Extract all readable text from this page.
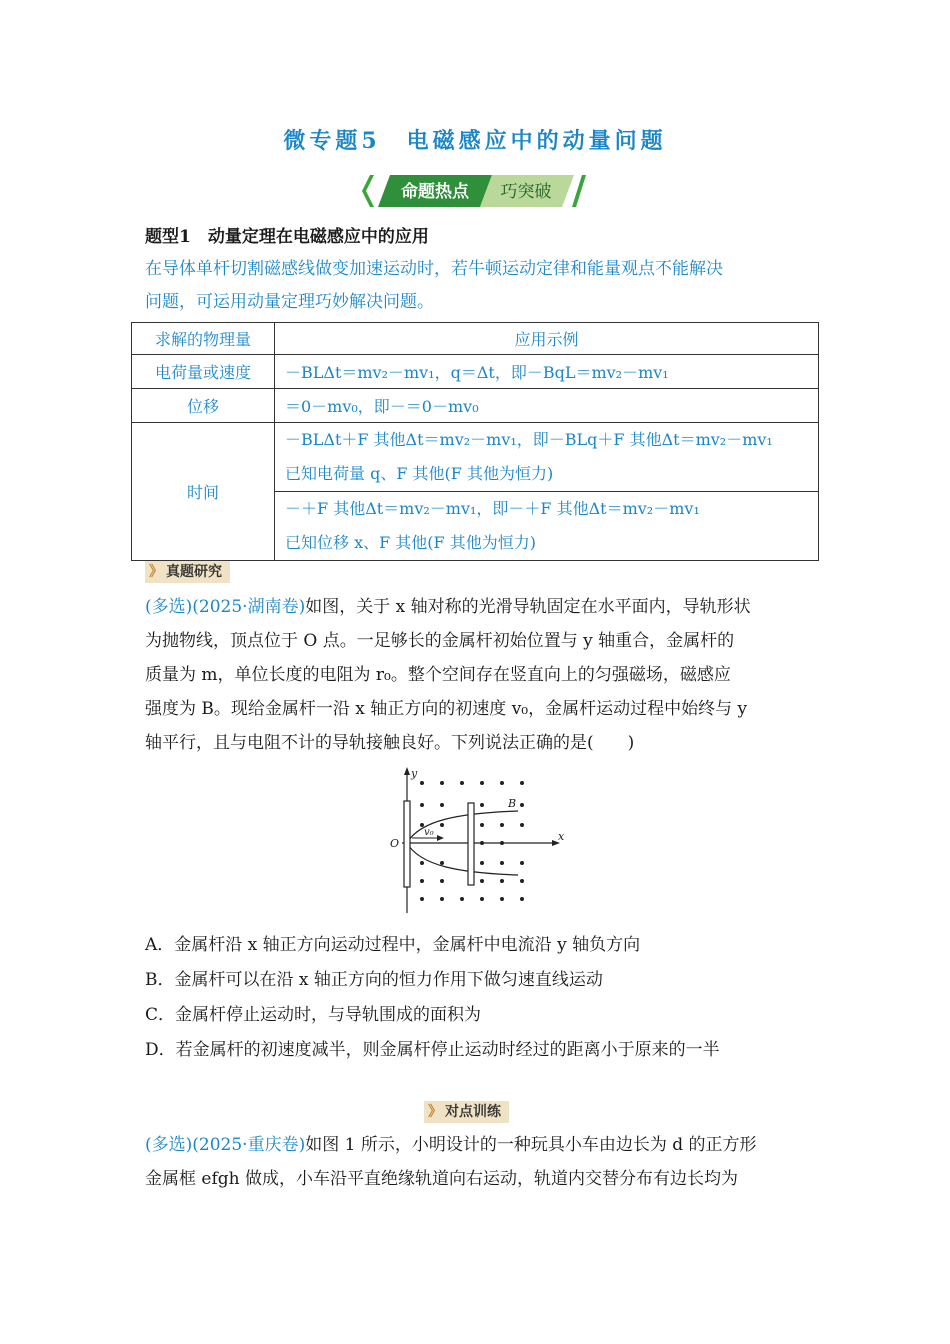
微专题5　电磁感应中的动量问题
命题热点 巧突破
题型1　动量定理在电磁感应中的应用
在导体单杆切割磁感线做变加速运动时，若牛顿运动定律和能量观点不能解决
问题，可运用动量定理巧妙解决问题。
求解的物理量	应用示例
电荷量或速度	－BLΔt＝mv₂－mv₁，q＝Δt，即－BqL＝mv₂－mv₁
位移	＝0－mv₀，即－＝0－mv₀
时间	－BLΔt＋F 其他Δt＝mv₂－mv₁，即－BLq＋F 其他Δt＝mv₂－mv₁
已知电荷量 q、F 其他(F 其他为恒力)

	－＋F 其他Δt＝mv₂－mv₁，即－＋F 其他Δt＝mv₂－mv₁
已知位移 x、F 其他(F 其他为恒力)
》 真题研究
(多选)(2025·湖南卷)如图，关于 x 轴对称的光滑导轨固定在水平面内，导轨形状
为抛物线，顶点位于 O 点。一足够长的金属杆初始位置与 y 轴重合，金属杆的
质量为 m，单位长度的电阻为 r₀。整个空间存在竖直向上的匀强磁场，磁感应
强度为 B。现给金属杆一沿 x 轴正方向的初速度 v₀，金属杆运动过程中始终与 y
轴平行，且与电阻不计的导轨接触良好。下列说法正确的是(　　)
y
x
O
B
v₀
A．金属杆沿 x 轴正方向运动过程中，金属杆中电流沿 y 轴负方向
B．金属杆可以在沿 x 轴正方向的恒力作用下做匀速直线运动
C．金属杆停止运动时，与导轨围成的面积为
D．若金属杆的初速度减半，则金属杆停止运动时经过的距离小于原来的一半
》 对点训练
(多选)(2025·重庆卷)如图 1 所示，小明设计的一种玩具小车由边长为 d 的正方形
金属框 efgh 做成，小车沿平直绝缘轨道向右运动，轨道内交替分布有边长均为
